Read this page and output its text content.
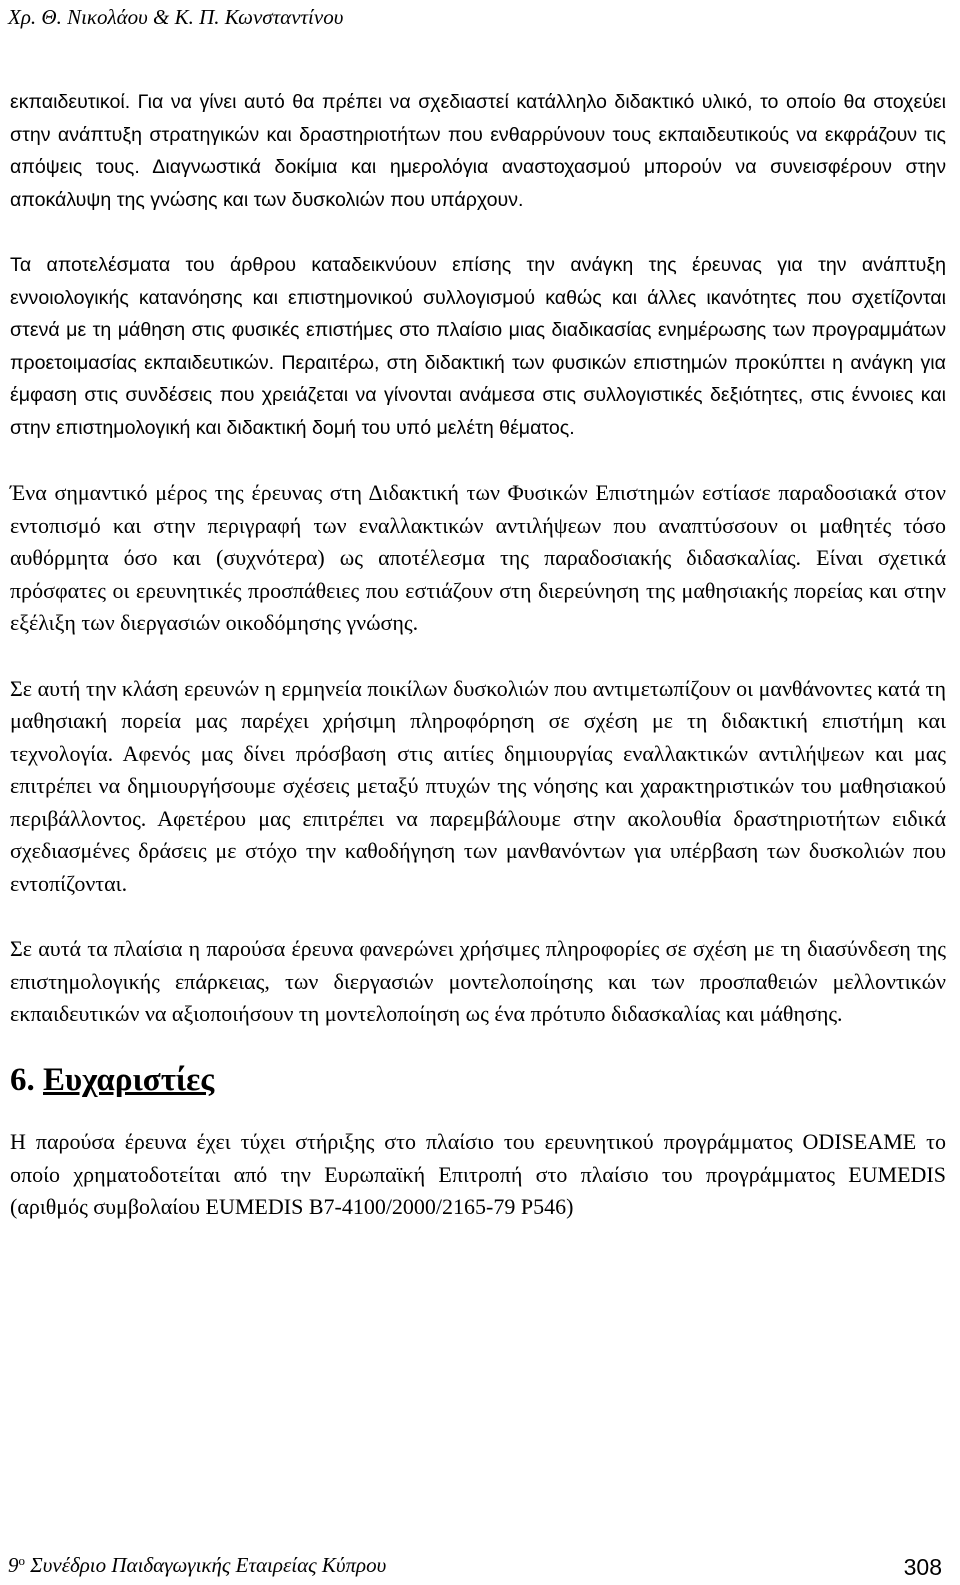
Χρ. Θ. Νικολάου & Κ. Π. Κωνσταντίνου

εκπαιδευτικοί. Για να γίνει αυτό θα πρέπει να σχεδιαστεί κατάλληλο διδακτικό υλικό, το οποίο θα στοχεύει στην ανάπτυξη στρατηγικών και δραστηριοτήτων που ενθαρρύνουν τους εκπαιδευτικούς να εκφράζουν τις απόψεις τους. Διαγνωστικά δοκίμια και ημερολόγια αναστοχασμού μπορούν να συνεισφέρουν στην αποκάλυψη της γνώσης και των δυσκολιών που υπάρχουν.

Τα αποτελέσματα του άρθρου καταδεικνύουν επίσης την ανάγκη της έρευνας για την ανάπτυξη εννοιολογικής κατανόησης και επιστημονικού συλλογισμού καθώς και άλλες ικανότητες που σχετίζονται στενά με τη μάθηση στις φυσικές επιστήμες στο πλαίσιο μιας διαδικασίας ενημέρωσης των προγραμμάτων προετοιμασίας εκπαιδευτικών. Περαιτέρω, στη διδακτική των φυσικών επιστημών προκύπτει η ανάγκη για έμφαση στις συνδέσεις που χρειάζεται να γίνονται ανάμεσα στις συλλογιστικές δεξιότητες, στις έννοιες και στην επιστημολογική και διδακτική δομή του υπό μελέτη θέματος.

Ένα σημαντικό μέρος της έρευνας στη Διδακτική των Φυσικών Επιστημών εστίασε παραδοσιακά στον εντοπισμό και στην περιγραφή των εναλλακτικών αντιλήψεων που αναπτύσσουν οι μαθητές τόσο αυθόρμητα όσο και (συχνότερα) ως αποτέλεσμα της παραδοσιακής διδασκαλίας. Είναι σχετικά πρόσφατες οι ερευνητικές προσπάθειες που εστιάζουν στη διερεύνηση της μαθησιακής πορείας και στην εξέλιξη των διεργασιών οικοδόμησης γνώσης.

Σε αυτή την κλάση ερευνών η ερμηνεία ποικίλων δυσκολιών που αντιμετωπίζουν οι μανθάνοντες κατά τη μαθησιακή πορεία μας παρέχει χρήσιμη πληροφόρηση σε σχέση με τη διδακτική επιστήμη και τεχνολογία. Αφενός μας δίνει πρόσβαση στις αιτίες δημιουργίας εναλλακτικών αντιλήψεων και μας επιτρέπει να δημιουργήσουμε σχέσεις μεταξύ πτυχών της νόησης και χαρακτηριστικών του μαθησιακού περιβάλλοντος. Αφετέρου μας επιτρέπει να παρεμβάλουμε στην ακολουθία δραστηριοτήτων ειδικά σχεδιασμένες δράσεις με στόχο την καθοδήγηση των μανθανόντων για υπέρβαση των δυσκολιών που εντοπίζονται.

Σε αυτά τα πλαίσια η παρούσα έρευνα φανερώνει χρήσιμες πληροφορίες σε σχέση με τη διασύνδεση της επιστημολογικής επάρκειας, των διεργασιών μοντελοποίησης και των προσπαθειών μελλοντικών εκπαιδευτικών να αξιοποιήσουν τη μοντελοποίηση ως ένα πρότυπο διδασκαλίας και μάθησης.

6. Ευχαριστίες

Η παρούσα έρευνα έχει τύχει στήριξης στο πλαίσιο του ερευνητικού προγράμματος ODISEAME το οποίο χρηματοδοτείται από την Ευρωπαϊκή Επιτροπή στο πλαίσιο του προγράμματος EUMEDIS (αριθμός συμβολαίου EUMEDIS B7-4100/2000/2165-79 P546)

$9^o$ Συνέδριο Παιδαγωγικής Εταιρείας Κύπρου	308
